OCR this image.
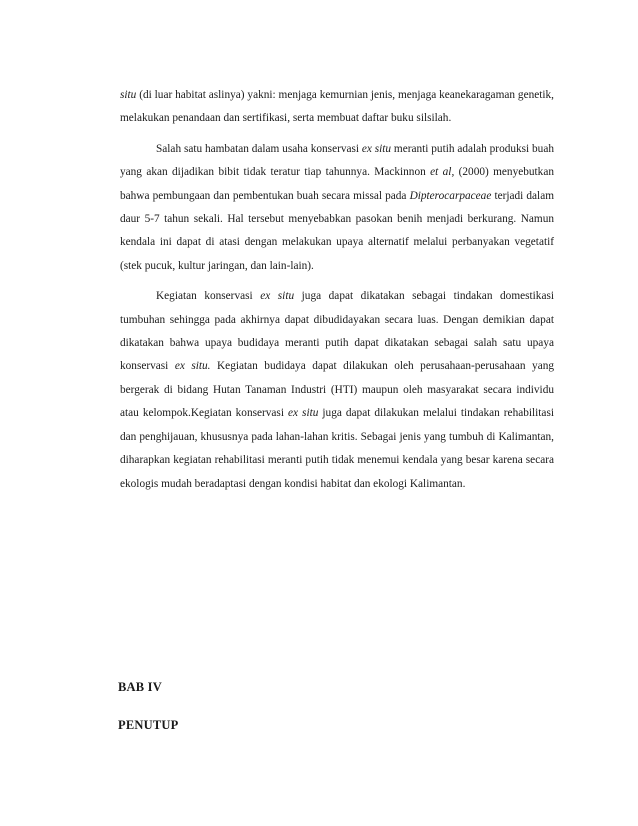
situ (di luar habitat aslinya) yakni: menjaga kemurnian jenis, menjaga keanekaragaman genetik, melakukan penandaan dan sertifikasi, serta membuat daftar buku silsilah.

Salah satu hambatan dalam usaha konservasi ex situ meranti putih adalah produksi buah yang akan dijadikan bibit tidak teratur tiap tahunnya. Mackinnon et al, (2000) menyebutkan bahwa pembungaan dan pembentukan buah secara missal pada Dipterocarpaceae terjadi dalam daur 5-7 tahun sekali. Hal tersebut menyebabkan pasokan benih menjadi berkurang. Namun kendala ini dapat di atasi dengan melakukan upaya alternatif melalui perbanyakan vegetatif (stek pucuk, kultur jaringan, dan lain-lain).

Kegiatan konservasi ex situ juga dapat dikatakan sebagai tindakan domestikasi tumbuhan sehingga pada akhirnya dapat dibudidayakan secara luas. Dengan demikian dapat dikatakan bahwa upaya budidaya meranti putih dapat dikatakan sebagai salah satu upaya konservasi ex situ. Kegiatan budidaya dapat dilakukan oleh perusahaan-perusahaan yang bergerak di bidang Hutan Tanaman Industri (HTI) maupun oleh masyarakat secara individu atau kelompok.Kegiatan konservasi ex situ juga dapat dilakukan melalui tindakan rehabilitasi dan penghijauan, khususnya pada lahan-lahan kritis. Sebagai jenis yang tumbuh di Kalimantan, diharapkan kegiatan rehabilitasi meranti putih tidak menemui kendala yang besar karena secara ekologis mudah beradaptasi dengan kondisi habitat dan ekologi Kalimantan.

BAB IV
PENUTUP
